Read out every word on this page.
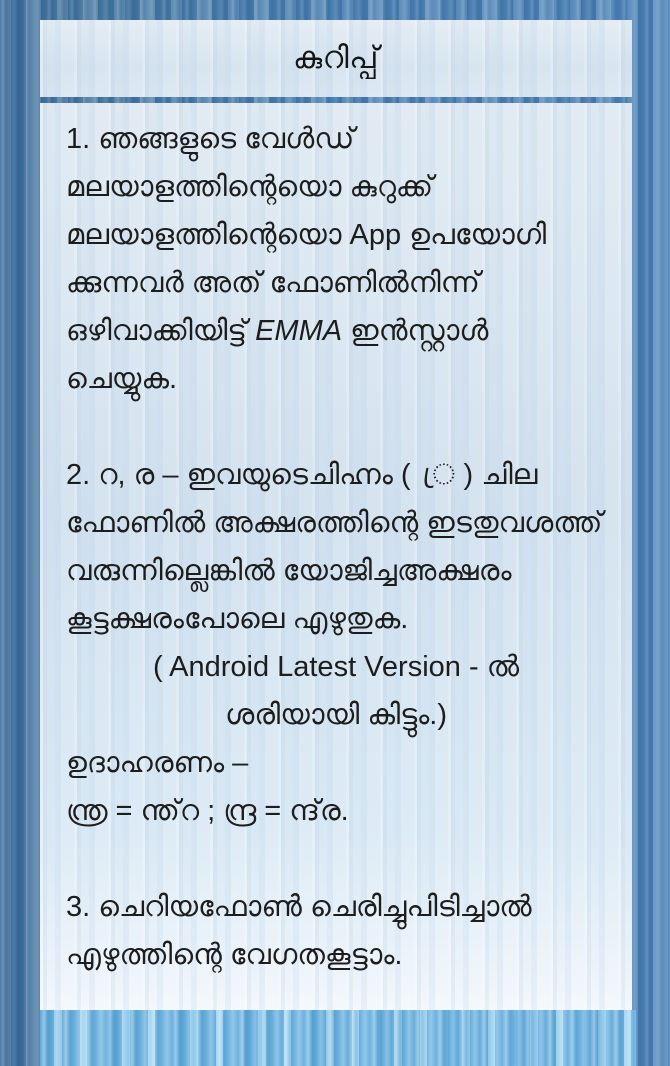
കുറിപ്പ്
1. ഞങ്ങളുടെ വേൾഡ്
മലയാളത്തിന്റെയൊ കുറുക്ക്
മലയാളത്തിന്റെയൊ App ഉപയോഗി
ക്കുന്നവർ അത് ഫോണിൽനിന്ന്
ഒഴിവാക്കിയിട്ട് EMMA ഇൻസ്റ്റാൾ
ചെയ്യുക.
2. റ, ര – ഇവയുടെചിഹ്നം ( ്ര ) ചില
ഫോണിൽ അക്ഷരത്തിന്റെ ഇടതുവശത്ത്
വരുന്നില്ലെങ്കിൽ യോജിച്ചഅക്ഷരം
കൂട്ടക്ഷരംപോലെ എഴുതുക.
( Android Latest Version - ൽ
ശരിയായി കിട്ടും.)
ഉദാഹരണം –
ന്ത്ര = ന്ത്‌റ ; ന്ദ്ര = ന്ദ്‌ര.
3. ചെറിയഫോൺ ചെരിച്ചുപിടിച്ചാൽ
എഴുത്തിന്റെ വേഗതകൂട്ടാം.
